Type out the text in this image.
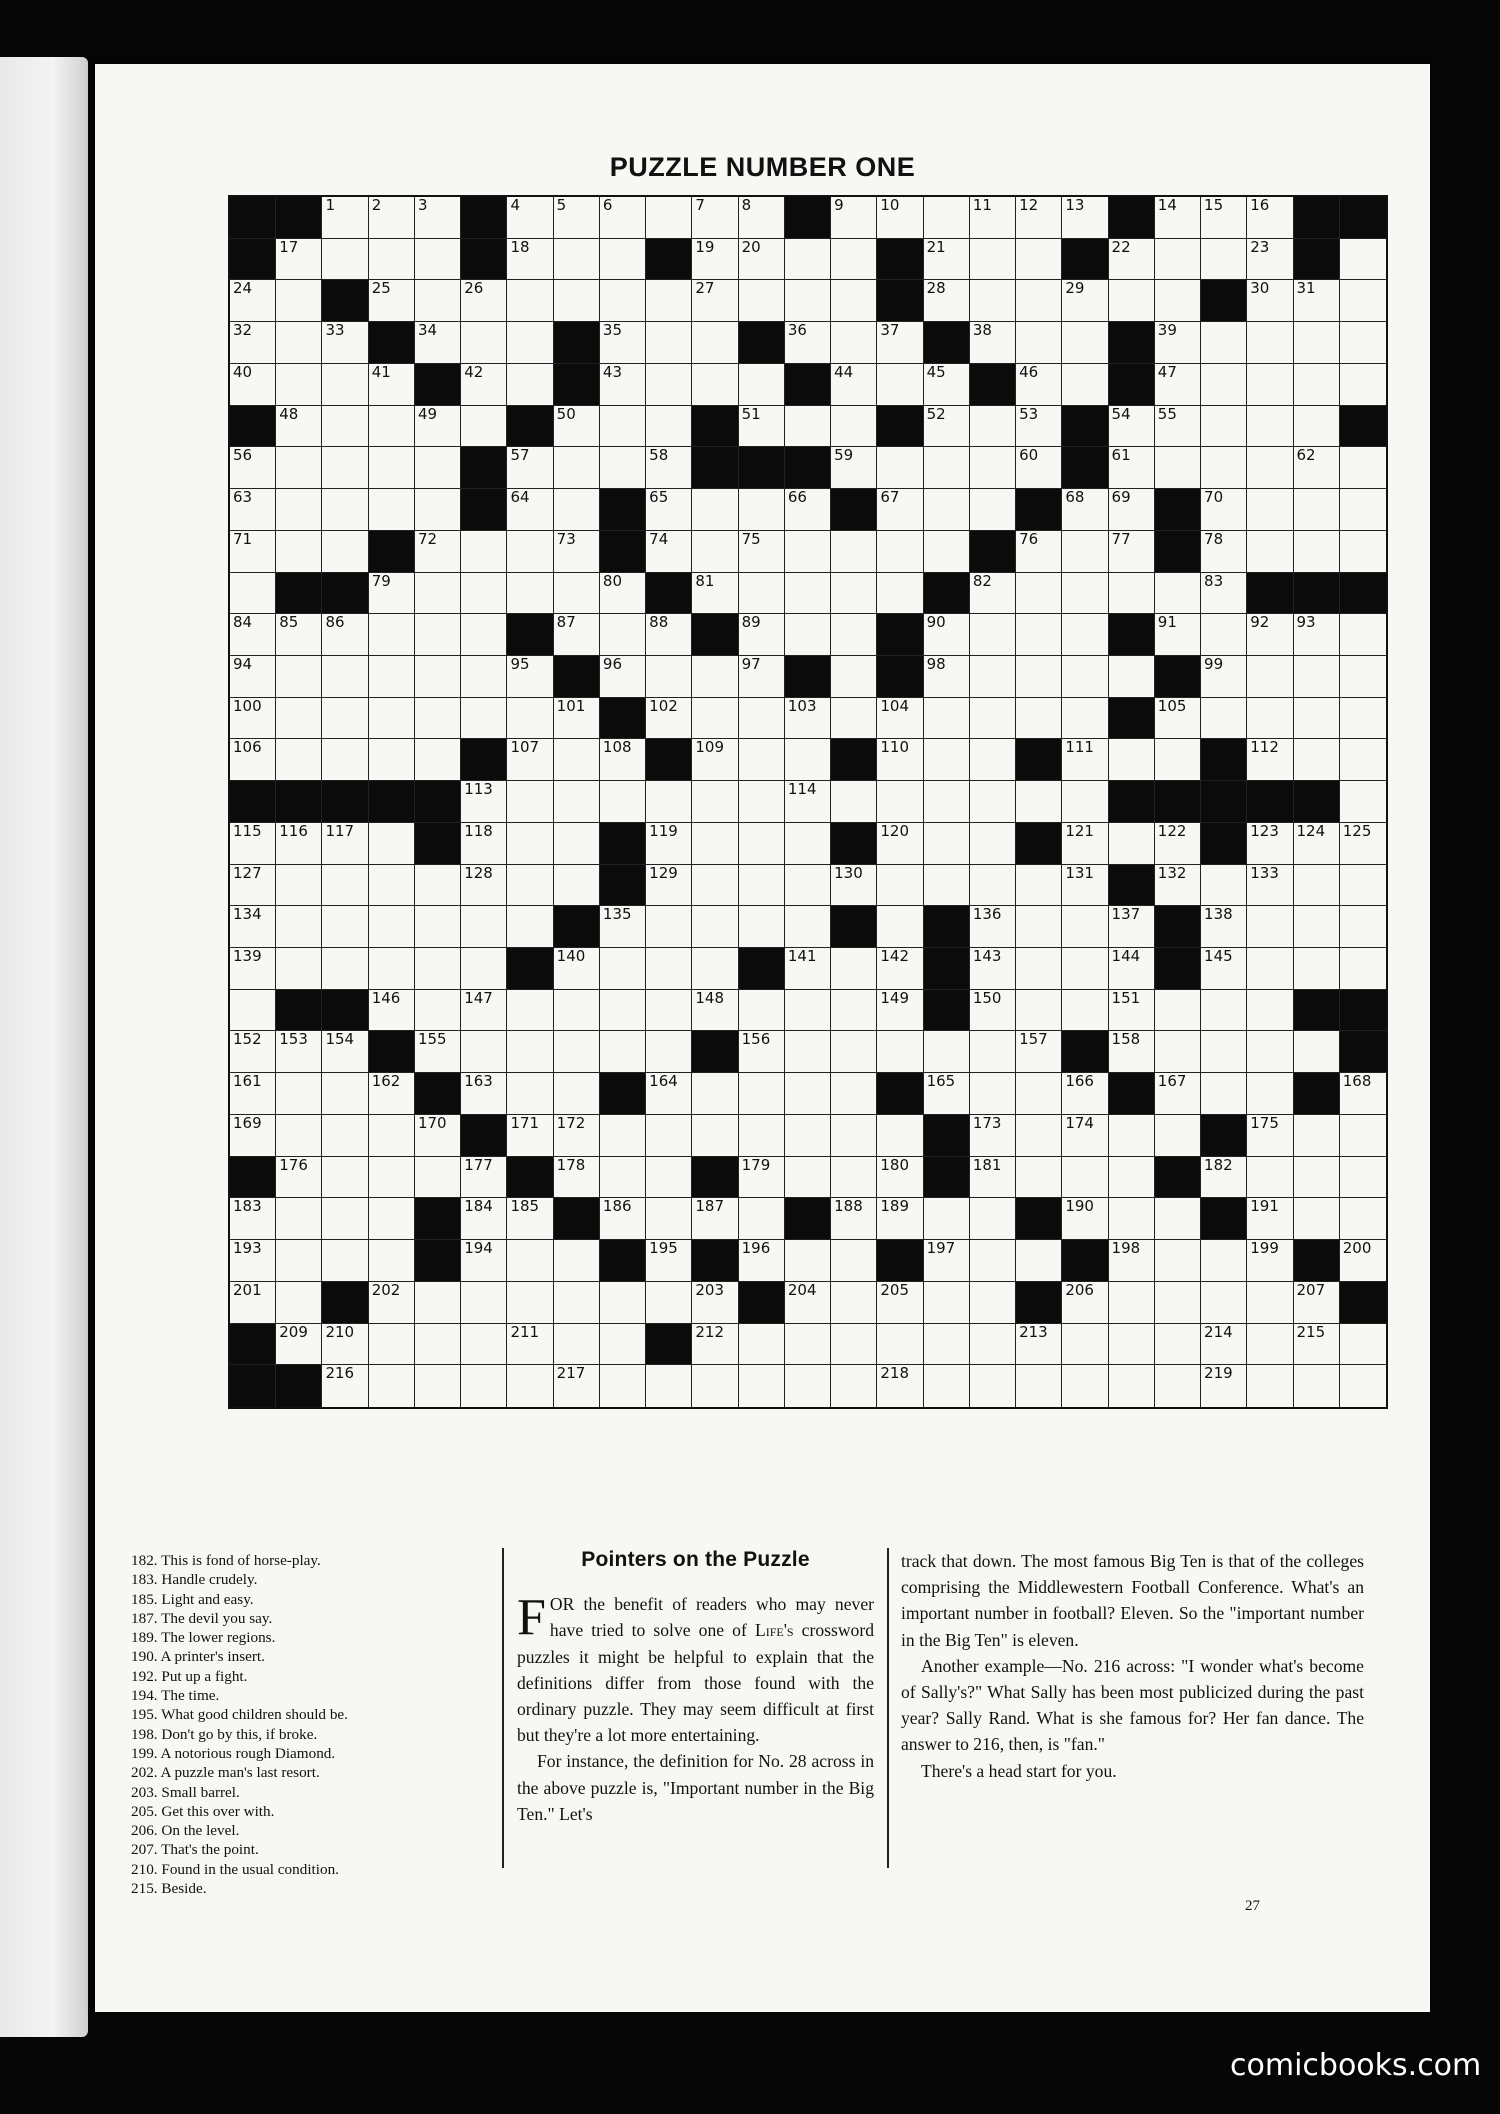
PUZZLE NUMBER ONE
1 2 3	4 5 6	7 8	9 10	11 12 13	14 15 16
17	18	19 20	21	22	23
24	25	26	27	28	29	30 31
32	33	34	35	36	37	38	39
40	41	42	43	44	45	46	47
48	49	50	51	52	53	54 55
56	57	58	59	60	61	62
63	64	65	66	67	68 69	70
71	72	73	74	75	76	77	78
79	80	81	82	83
84 85 86	87	88	89	90	91	92 93
94	95	96	97	98	99
100	101	102	103	104	105
106	107	108	109	110	111	112
113	114
115 116 117	118	119	120	121	122	123 124 125
127	128	129	130	131	132	133
134	135	136	137	138
139	140	141	142	143	144	145
146	147	148	149	150	151
152 153 154	155	156	157	158
161	162	163	164	165	166	167	168
169	170	171 172	173	174	175
176	177	178	179	180	181	182
183	184 185	186	187	188 189	190	191
193	194	195	196	197	198	199	200
201	202	203	204	205	206	207
209 210	211	212	213	214	215
216	217	218	219
182. This is fond of horse-play.
183. Handle crudely.
185. Light and easy.
187. The devil you say.
189. The lower regions.
190. A printer's insert.
192. Put up a fight.
194. The time.
195. What good children should be.
198. Don't go by this, if broke.
199. A notorious rough Diamond.
202. A puzzle man's last resort.
203. Small barrel.
205. Get this over with.
206. On the level.
207. That's the point.
210. Found in the usual condition.
215. Beside.
Pointers on the Puzzle

FOR the benefit of readers who may never have tried to solve one of Life's crossword puzzles it might be helpful to explain that the definitions differ from those found with the ordinary puzzle. They may seem difficult at first but they're a lot more entertaining.

For instance, the definition for No. 28 across in the above puzzle is, "Important number in the Big Ten." Let's

track that down. The most famous Big Ten is that of the colleges comprising the Middlewestern Football Conference. What's an important number in football? Eleven. So the "important number in the Big Ten" is eleven.

Another example—No. 216 across: "I wonder what's become of Sally's?" What Sally has been most publicized during the past year? Sally Rand. What is she famous for? Her fan dance. The answer to 216, then, is "fan."

There's a head start for you.

27
comicbooks.com
